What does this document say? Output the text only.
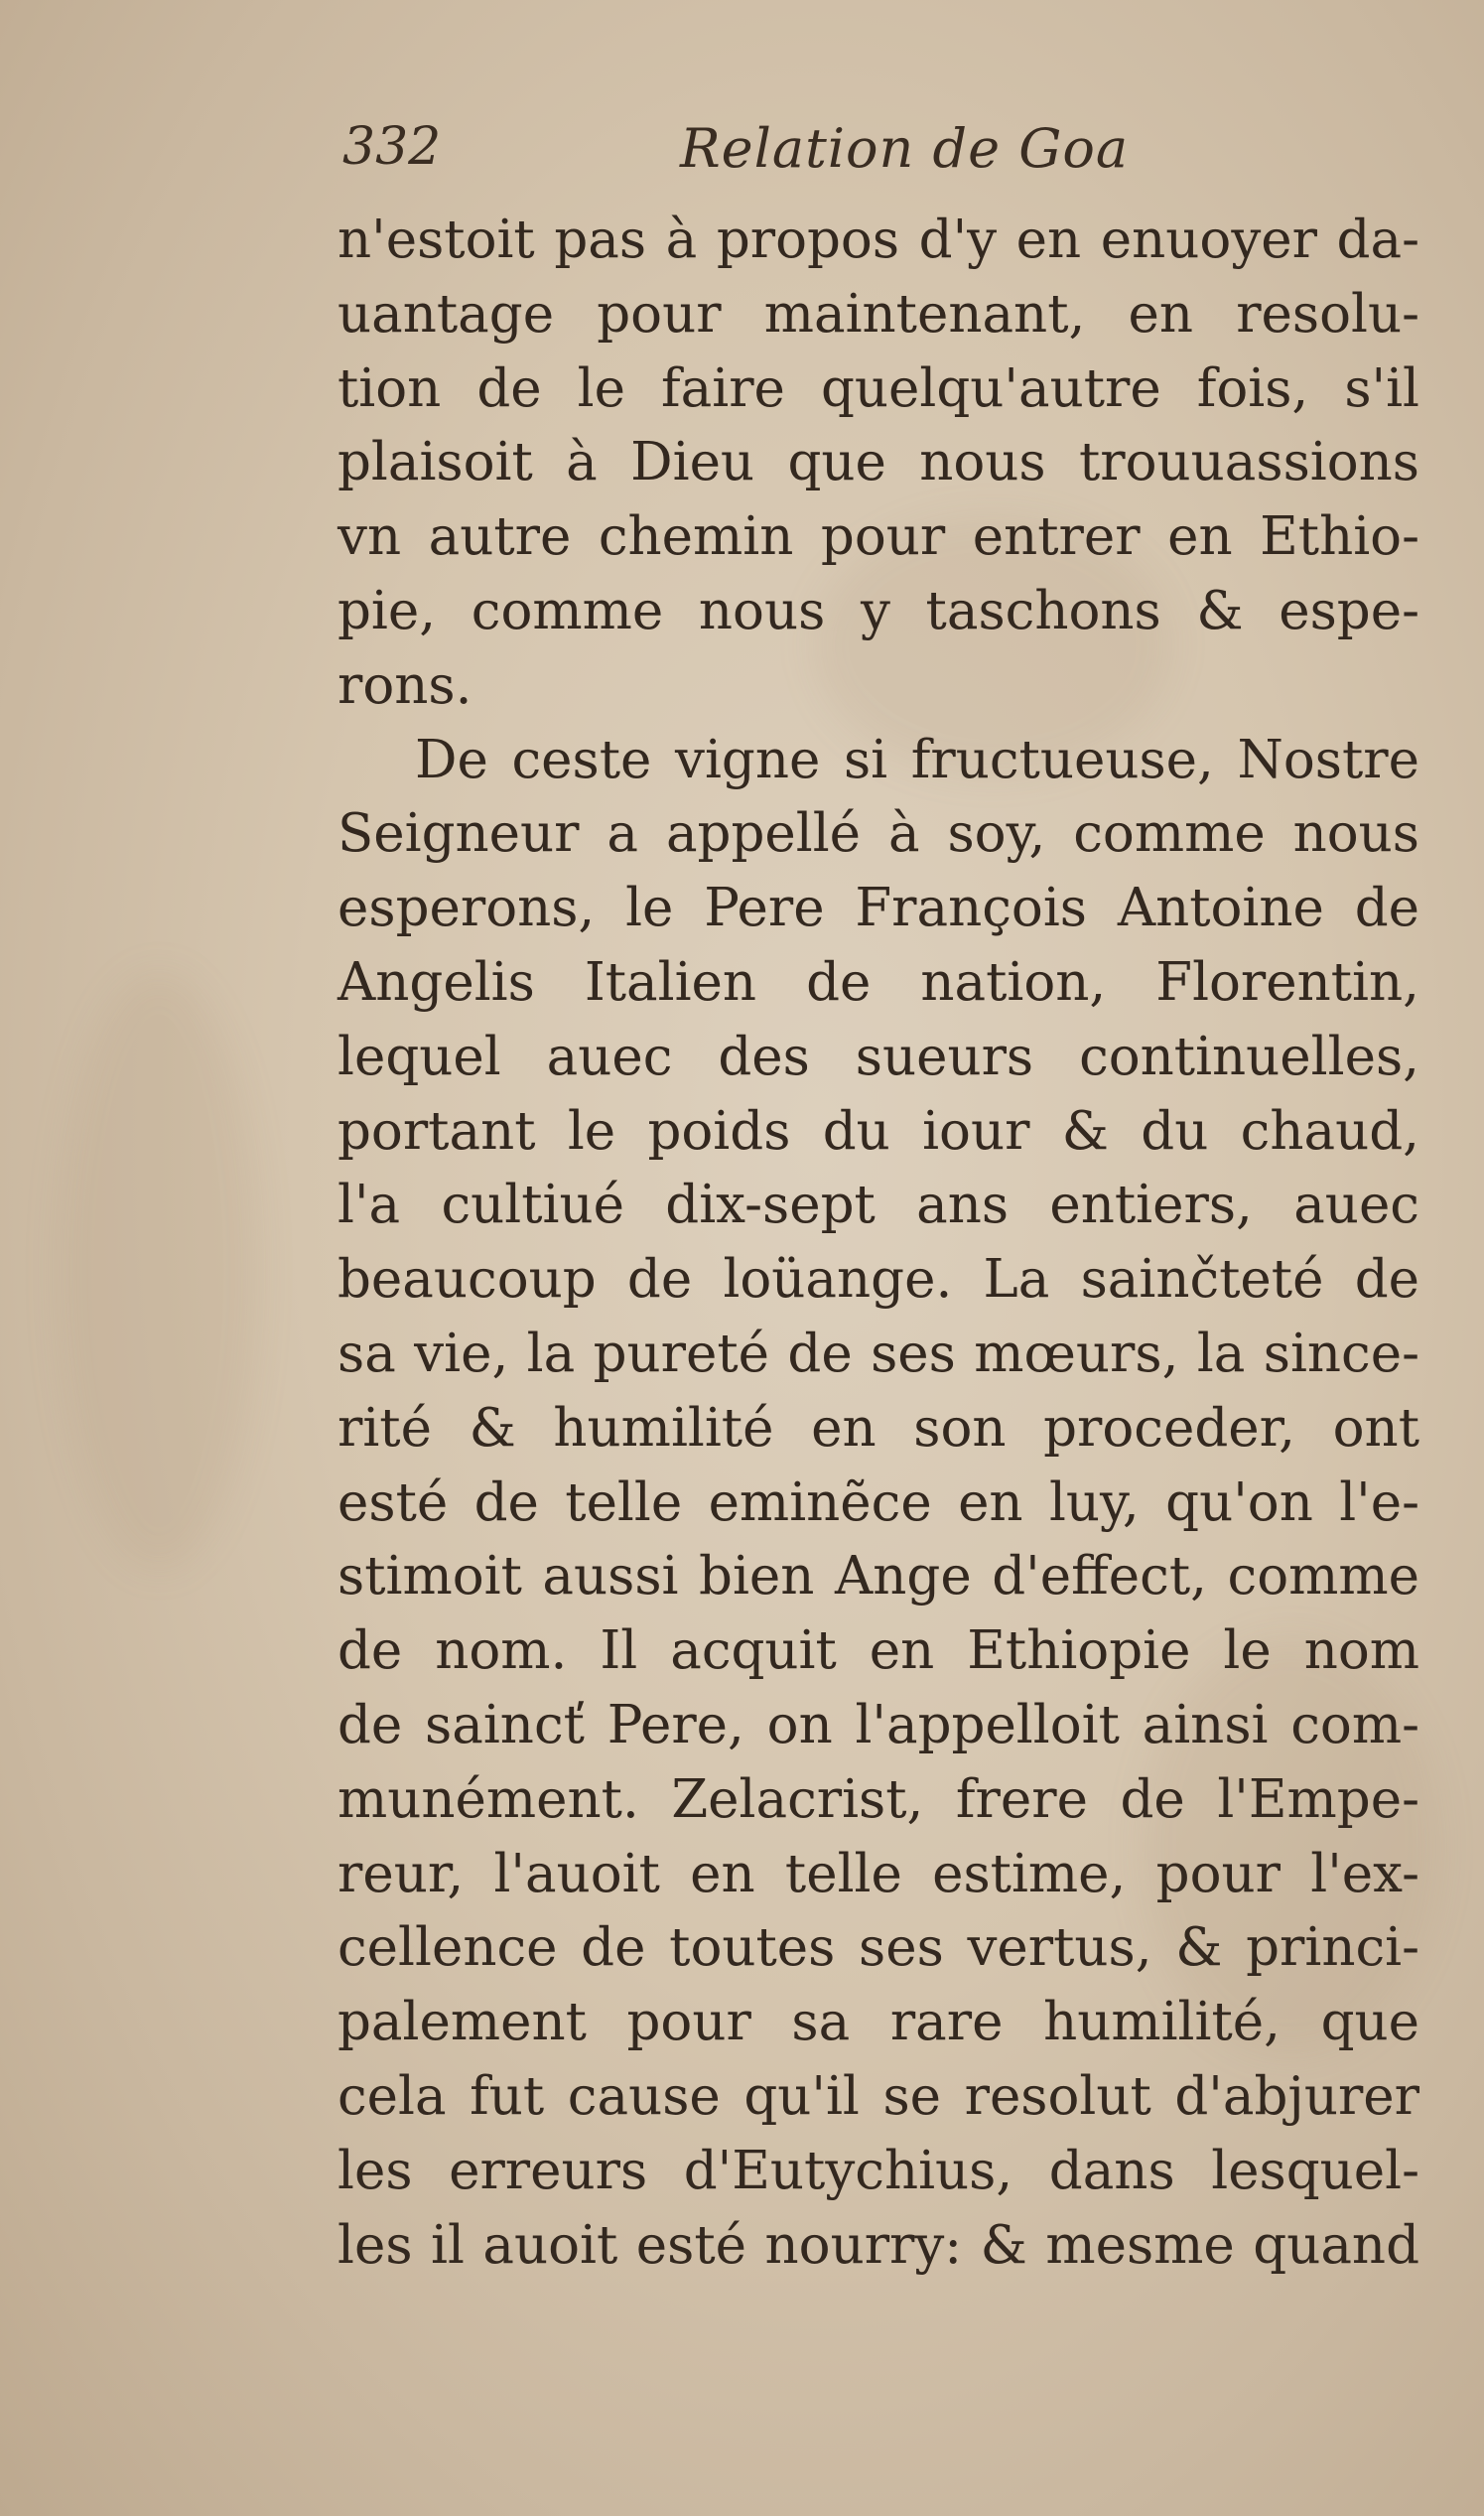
332	Relation de Goa
n'estoit pas à propos d'y en enuoyer da-
uantage pour maintenant, en resolu-
tion de le faire quelqu'autre fois, s'il
plaisoit à Dieu que nous trouuassions
vn autre chemin pour entrer en Ethio-
pie, comme nous y taschons & espe-
rons.
De ceste vigne si fructueuse, Nostre
Seigneur a appellé à soy, comme nous
esperons, le Pere François Antoine de
Angelis Italien de nation, Florentin,
lequel auec des sueurs continuelles,
portant le poids du iour & du chaud,
l'a cultiué dix-sept ans entiers, auec
beaucoup de loüange. La sainčteté de
sa vie, la pureté de ses mœurs, la since-
rité & humilité en son proceder, ont
esté de telle eminẽce en luy, qu'on l'e-
stimoit aussi bien Ange d'effect, comme
de nom. Il acquit en Ethiopie le nom
de saincť Pere, on l'appelloit ainsi com-
munément. Zelacrist, frere de l'Empe-
reur, l'auoit en telle estime, pour l'ex-
cellence de toutes ses vertus, & princi-
palement pour sa rare humilité, que
cela fut cause qu'il se resolut d'abjurer
les erreurs d'Eutychius, dans lesquel-
les il auoit esté nourry: & mesme quand
